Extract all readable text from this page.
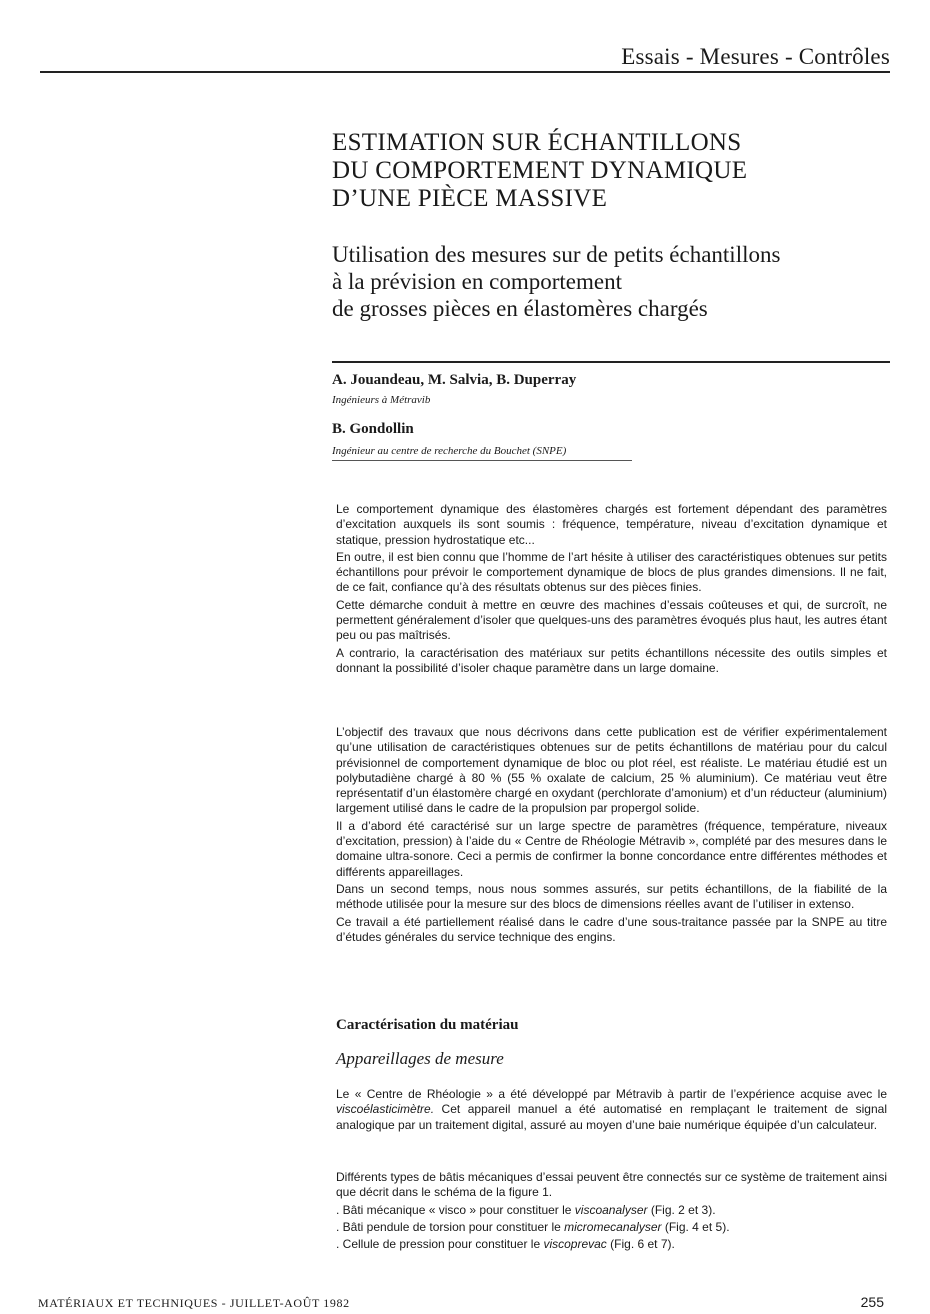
Essais - Mesures - Contrôles
ESTIMATION SUR ÉCHANTILLONS
DU COMPORTEMENT DYNAMIQUE
D’UNE PIÈCE MASSIVE
Utilisation des mesures sur de petits échantillons
à la prévision en comportement
de grosses pièces en élastomères chargés
A. Jouandeau, M. Salvia, B. Duperray
Ingénieurs à Métravib
B. Gondollin
Ingénieur au centre de recherche du Bouchet (SNPE)

Le comportement dynamique des élastomères chargés est fortement dépendant des paramètres d’excitation auxquels ils sont soumis : fréquence, température, niveau d’excitation dynamique et statique, pression hydrostatique etc...

En outre, il est bien connu que l’homme de l’art hésite à utiliser des caractéristiques obtenues sur petits échantillons pour prévoir le comportement dynamique de blocs de plus grandes dimensions. Il ne fait, de ce fait, confiance qu’à des résultats obtenus sur des pièces finies.

Cette démarche conduit à mettre en œuvre des machines d’essais coûteuses et qui, de surcroît, ne permettent généralement d’isoler que quelques-uns des paramètres évoqués plus haut, les autres étant peu ou pas maîtrisés.

A contrario, la caractérisation des matériaux sur petits échantillons nécessite des outils simples et donnant la possibilité d’isoler chaque paramètre dans un large domaine.

L’objectif des travaux que nous décrivons dans cette publication est de vérifier expérimentalement qu’une utilisation de caractéristiques obtenues sur de petits échantillons de matériau pour du calcul prévisionnel de comportement dynamique de bloc ou plot réel, est réaliste. Le matériau étudié est un polybutadiène chargé à 80 % (55 % oxalate de calcium, 25 % aluminium). Ce matériau veut être représentatif d’un élastomère chargé en oxydant (perchlorate d’amonium) et d’un réducteur (aluminium) largement utilisé dans le cadre de la propulsion par propergol solide.

Il a d’abord été caractérisé sur un large spectre de paramètres (fréquence, température, niveaux d’excitation, pression) à l’aide du « Centre de Rhéologie Métravib », complété par des mesures dans le domaine ultra-sonore. Ceci a permis de confirmer la bonne concordance entre différentes méthodes et différents appareillages.

Dans un second temps, nous nous sommes assurés, sur petits échantillons, de la fiabilité de la méthode utilisée pour la mesure sur des blocs de dimensions réelles avant de l’utiliser in extenso.

Ce travail a été partiellement réalisé dans le cadre d’une sous-traitance passée par la SNPE au titre d’études générales du service technique des engins.

Caractérisation du matériau
Appareillages de mesure

Le « Centre de Rhéologie » a été développé par Métravib à partir de l’expérience acquise avec le viscoélasticimètre. Cet appareil manuel a été automatisé en remplaçant le traitement de signal analogique par un traitement digital, assuré au moyen d’une baie numérique équipée d’un calculateur.

Différents types de bâtis mécaniques d’essai peuvent être connectés sur ce système de traitement ainsi que décrit dans le schéma de la figure 1.

. Bâti mécanique « visco » pour constituer le viscoanalyser (Fig. 2 et 3).

. Bâti pendule de torsion pour constituer le micromecanalyser (Fig. 4 et 5).

. Cellule de pression pour constituer le viscoprevac (Fig. 6 et 7).

MATÉRIAUX ET TECHNIQUES - JUILLET-AOÛT 1982	255
